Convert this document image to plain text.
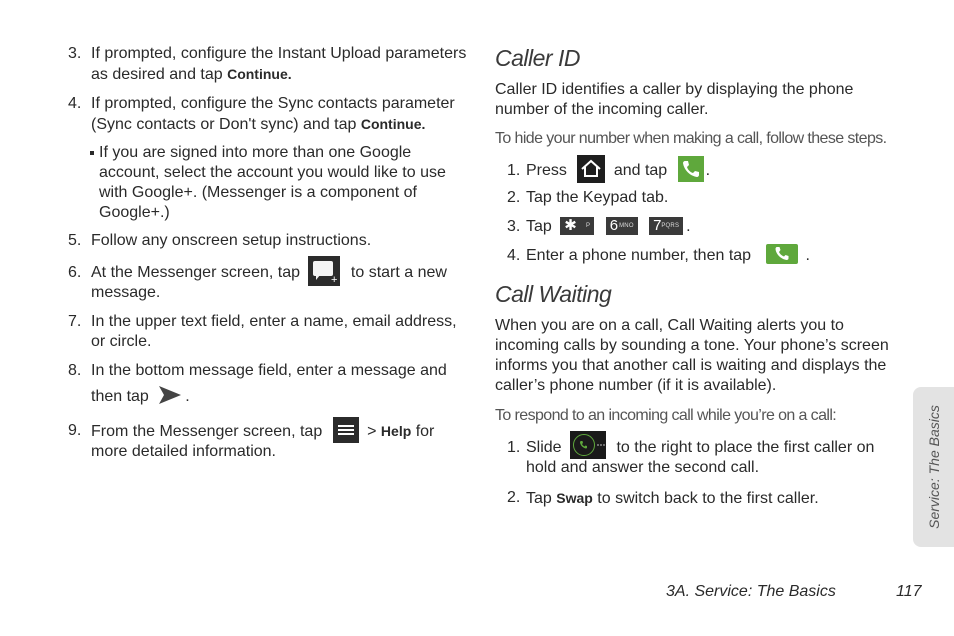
3. If prompted, configure the Instant Upload parameters as desired and tap Continue.
4. If prompted, configure the Sync contacts parameter (Sync contacts or Don't sync) and tap Continue.
If you are signed into more than one Google account, select the account you would like to use with Google+. (Messenger is a component of Google+.)
5. Follow any onscreen setup instructions.
6. At the Messenger screen, tap	+ to start a new message.
7. In the upper text field, enter a name, email address, or circle.
8. In the bottom message field, enter a message and
then tap .
9. From the Messenger screen, tap	> Help for more detailed information.
Caller ID

Caller ID identifies a caller by displaying the phone number of the incoming caller.

To hide your number when making a call, follow these steps.

1. Press	and tap .
2. Tap the Keypad tab.
3. Tap ✱ P 6 MNO 7 PQRS .
4. Enter a phone number, then tap	.
Call Waiting

When you are on a call, Call Waiting alerts you to incoming calls by sounding a tone. Your phone’s screen informs you that another call is waiting and displays the caller’s phone number (if it is available).

To respond to an incoming call while you’re on a call:

1. Slide	to the right to place the first caller on hold and answer the second call.
2. Tap Swap to switch back to the first caller.	Service: The Basics
3A. Service: The Basics	117
